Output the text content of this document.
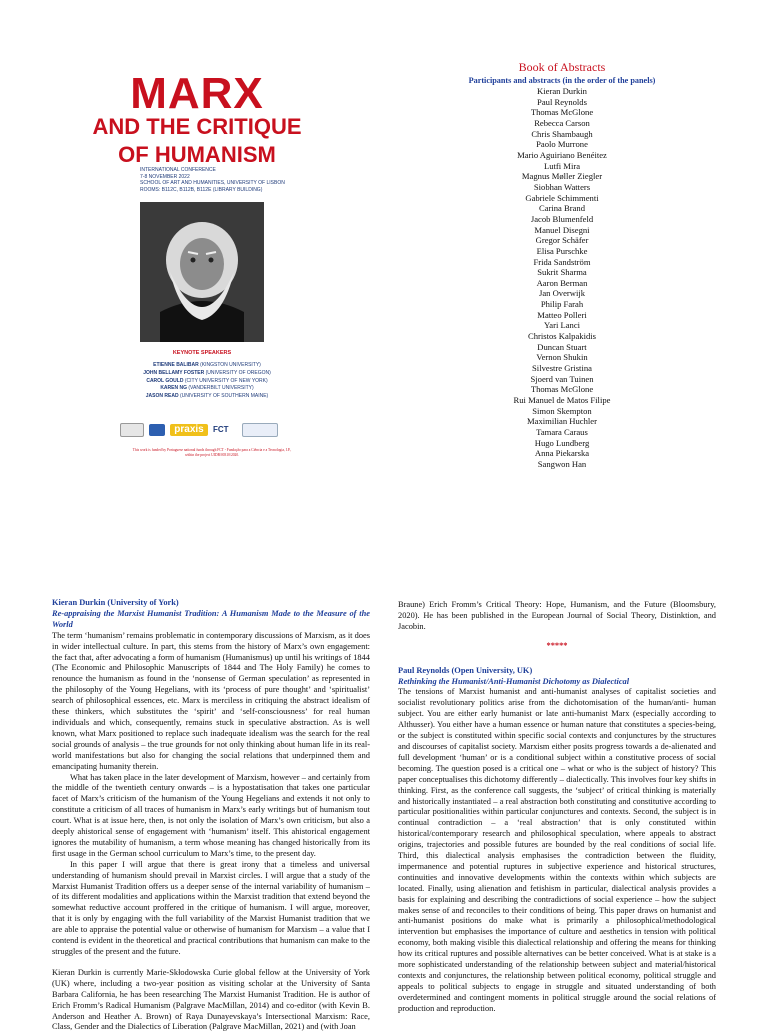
MARX
AND THE CRITIQUE
OF HUMANISM
INTERNATIONAL CONFERENCE
7-8 NOVEMBER 2022
SCHOOL OF ART AND HUMANITIES, UNIVERSITY OF LISBON
ROOMS: B112C, B112B, B112E (LIBRARY BUILDING)
KEYNOTE SPEAKERS
ETIENNE BALIBAR (KINGSTON UNIVERSITY)
JOHN BELLAMY FOSTER (UNIVERSITY OF OREGON)
CAROL GOULD (CITY UNIVERSITY OF NEW YORK)
KAREN NG (VANDERBILT UNIVERSITY)
JASON READ (UNIVERSITY OF SOUTHERN MAINE)
praxis	FCT
This work is funded by Portuguese national funds through FCT - Fundação para a Ciência e a Tecnologia, I.P.,
within the project UIDB/00310/2020.
Book of Abstracts
Participants and abstracts (in the order of the panels)
Kieran Durkin
Paul Reynolds
Thomas McGlone
Rebecca Carson
Chris Shambaugh
Paolo Murrone
Mario Aguiriano Benéitez
Lutfi Mira
Magnus Møller Ziegler
Siobhan Watters
Gabriele Schimmenti
Carina Brand
Jacob Blumenfeld
Manuel Disegni
Gregor Schäfer
Elisa Purschke
Frida Sandström
Sukrit Sharma
Aaron Berman
Jan Overwijk
Philip Farah
Matteo Polleri
Yari Lanci
Christos Kalpakidis
Duncan Stuart
Vernon Shukin
Silvestre Gristina
Sjoerd van Tuinen
Thomas McGlone
Rui Manuel de Matos Filipe
Simon Skempton
Maximilian Huchler
Tamara Caraus
Hugo Lundberg
Anna Piekarska
Sangwon Han

Kieran Durkin (University of York)

Re-appraising the Marxist Humanist Tradition: A Humanism Made to the Measure of the World

The term ‘humanism’ remains problematic in contemporary discussions of Marxism, as it does in wider intellectual culture. In part, this stems from the history of Marx’s own engagement: the fact that, after advocating a form of humanism (Humanismus) up until his writings of 1844 (The Economic and Philosophic Manuscripts of 1844 and The Holy Family) he comes to renounce the humanism as found in the ‘nonsense of German speculation’ as represented in the philosophy of the Young Hegelians, with its ‘process of pure thought’ and ‘spiritualist’ search of philosophical essences, etc. Marx is merciless in critiquing the abstract idealism of these thinkers, which substitutes the ‘spirit’ and ‘self-consciousness’ for real human individuals and which, consequently, remains stuck in speculative abstraction. As is well known, what Marx positioned to replace such inadequate idealism was the search for the real social grounds of analysis – the true grounds for not only thinking about human life in its real-world manifestations but also for changing the social relations that underpinned them and emancipating humanity therein.

What has taken place in the later development of Marxism, however – and certainly from the middle of the twentieth century onwards – is a hypostatisation that takes one particular facet of Marx’s criticism of the humanism of the Young Hegelians and extends it not only to constitute a criticism of all traces of humanism in Marx’s early writings but of humanism tout court. What is at issue here, then, is not only the isolation of Marx’s own criticism, but also a deeply ahistorical sense of engagement with ‘humanism’ itself. This ahistorical engagement ignores the mutability of humanism, a term whose meaning has changed historically from its first usage in the German school curriculum to Marx’s time, to the present day.

In this paper I will argue that there is great irony that a timeless and universal understanding of humanism should prevail in Marxist circles. I will argue that a study of the Marxist Humanist Tradition offers us a deeper sense of the internal variability of humanism – of its different modalities and applications within the Marxist tradition that extend beyond the somewhat reductive account proffered in the critique of humanism. I will argue, moreover, that it is only by engaging with the full variability of the Marxist Humanist tradition that we are able to appraise the potential value or otherwise of humanism for Marxism – a value that I contend is evident in the theoretical and practical contributions that humanism can make to the struggles of the present and the future.

Kieran Durkin is currently Marie-Skłodowska Curie global fellow at the University of York (UK) where, including a two-year position as visiting scholar at the University of Santa Barbara California, he has been researching The Marxist Humanist Tradition. He is author of Erich Fromm’s Radical Humanism (Palgrave MacMillan, 2014) and co-editor (with Kevin B. Anderson and Heather A. Brown) of Raya Dunayevskaya’s Intersectional Marxism: Race, Class, Gender and the Dialectics of Liberation (Palgrave MacMillan, 2021) and (with Joan

Braune) Erich Fromm’s Critical Theory: Hope, Humanism, and the Future (Bloomsbury, 2020). He has been published in the European Journal of Social Theory, Distinktion, and Jacobin.

*****

Paul Reynolds (Open University, UK)

Rethinking the Humanist/Anti-Humanist Dichotomy as Dialectical

The tensions of Marxist humanist and anti-humanist analyses of capitalist societies and socialist revolutionary politics arise from the dichotomisation of the human/anti- human subject. You are either early humanist or late anti-humanist Marx (especially according to Althusser). You either have a human essence or human nature that constitutes a species-being, or the subject is constituted within specific social contexts and conjunctures by the structures and discourses of capitalist society. Marxism either posits progress towards a de-alienated and full development ‘human’ or is a conditional subject within a constitutive process of social becoming. The question posed is a critical one – what or who is the subject of history? This paper conceptualises this dichotomy differently – dialectically. This involves four key shifts in thinking. First, as the conference call suggests, the ‘subject’ of critical thinking is materially and historically instantiated – a real abstraction both constituting and constitutive according to particular positionalities within particular conjunctures and contexts. Second, the subject is in continual contradiction – a ‘real abstraction’ that is only constituted within historical/contemporary research and philosophical speculation, where appeals to abstract origins, trajectories and possible futures are bounded by the real conditions of social life. Third, this dialectical analysis emphasises the contradiction between the fluidity, impermanence and potential ruptures in subjective experience and historical structures, continuities and innovative developments within the contexts within which subjects are located. Finally, using alienation and fetishism in particular, dialectical analysis provides a basis for explaining and describing the contradictions of social experience – how the subject makes sense of and reconciles to their conditions of being. This paper draws on humanist and anti-humanist positions do make what is primarily a philosophical/methodological intervention but emphasises the importance of culture and aesthetics in tension with political economy, both making visible this dialectical relationship and offering the means for thinking how its critical ruptures and possible alternatives can be better conceived. What is at stake is a more sophisticated understanding of the relationship between subject and material/historical contexts and conjunctures, the relationship between political economy, political struggle and appeals to political subjects to engage in struggle and situated understanding of both overdetermined and contingent moments in political struggle around the social relations of production and reproduction.
